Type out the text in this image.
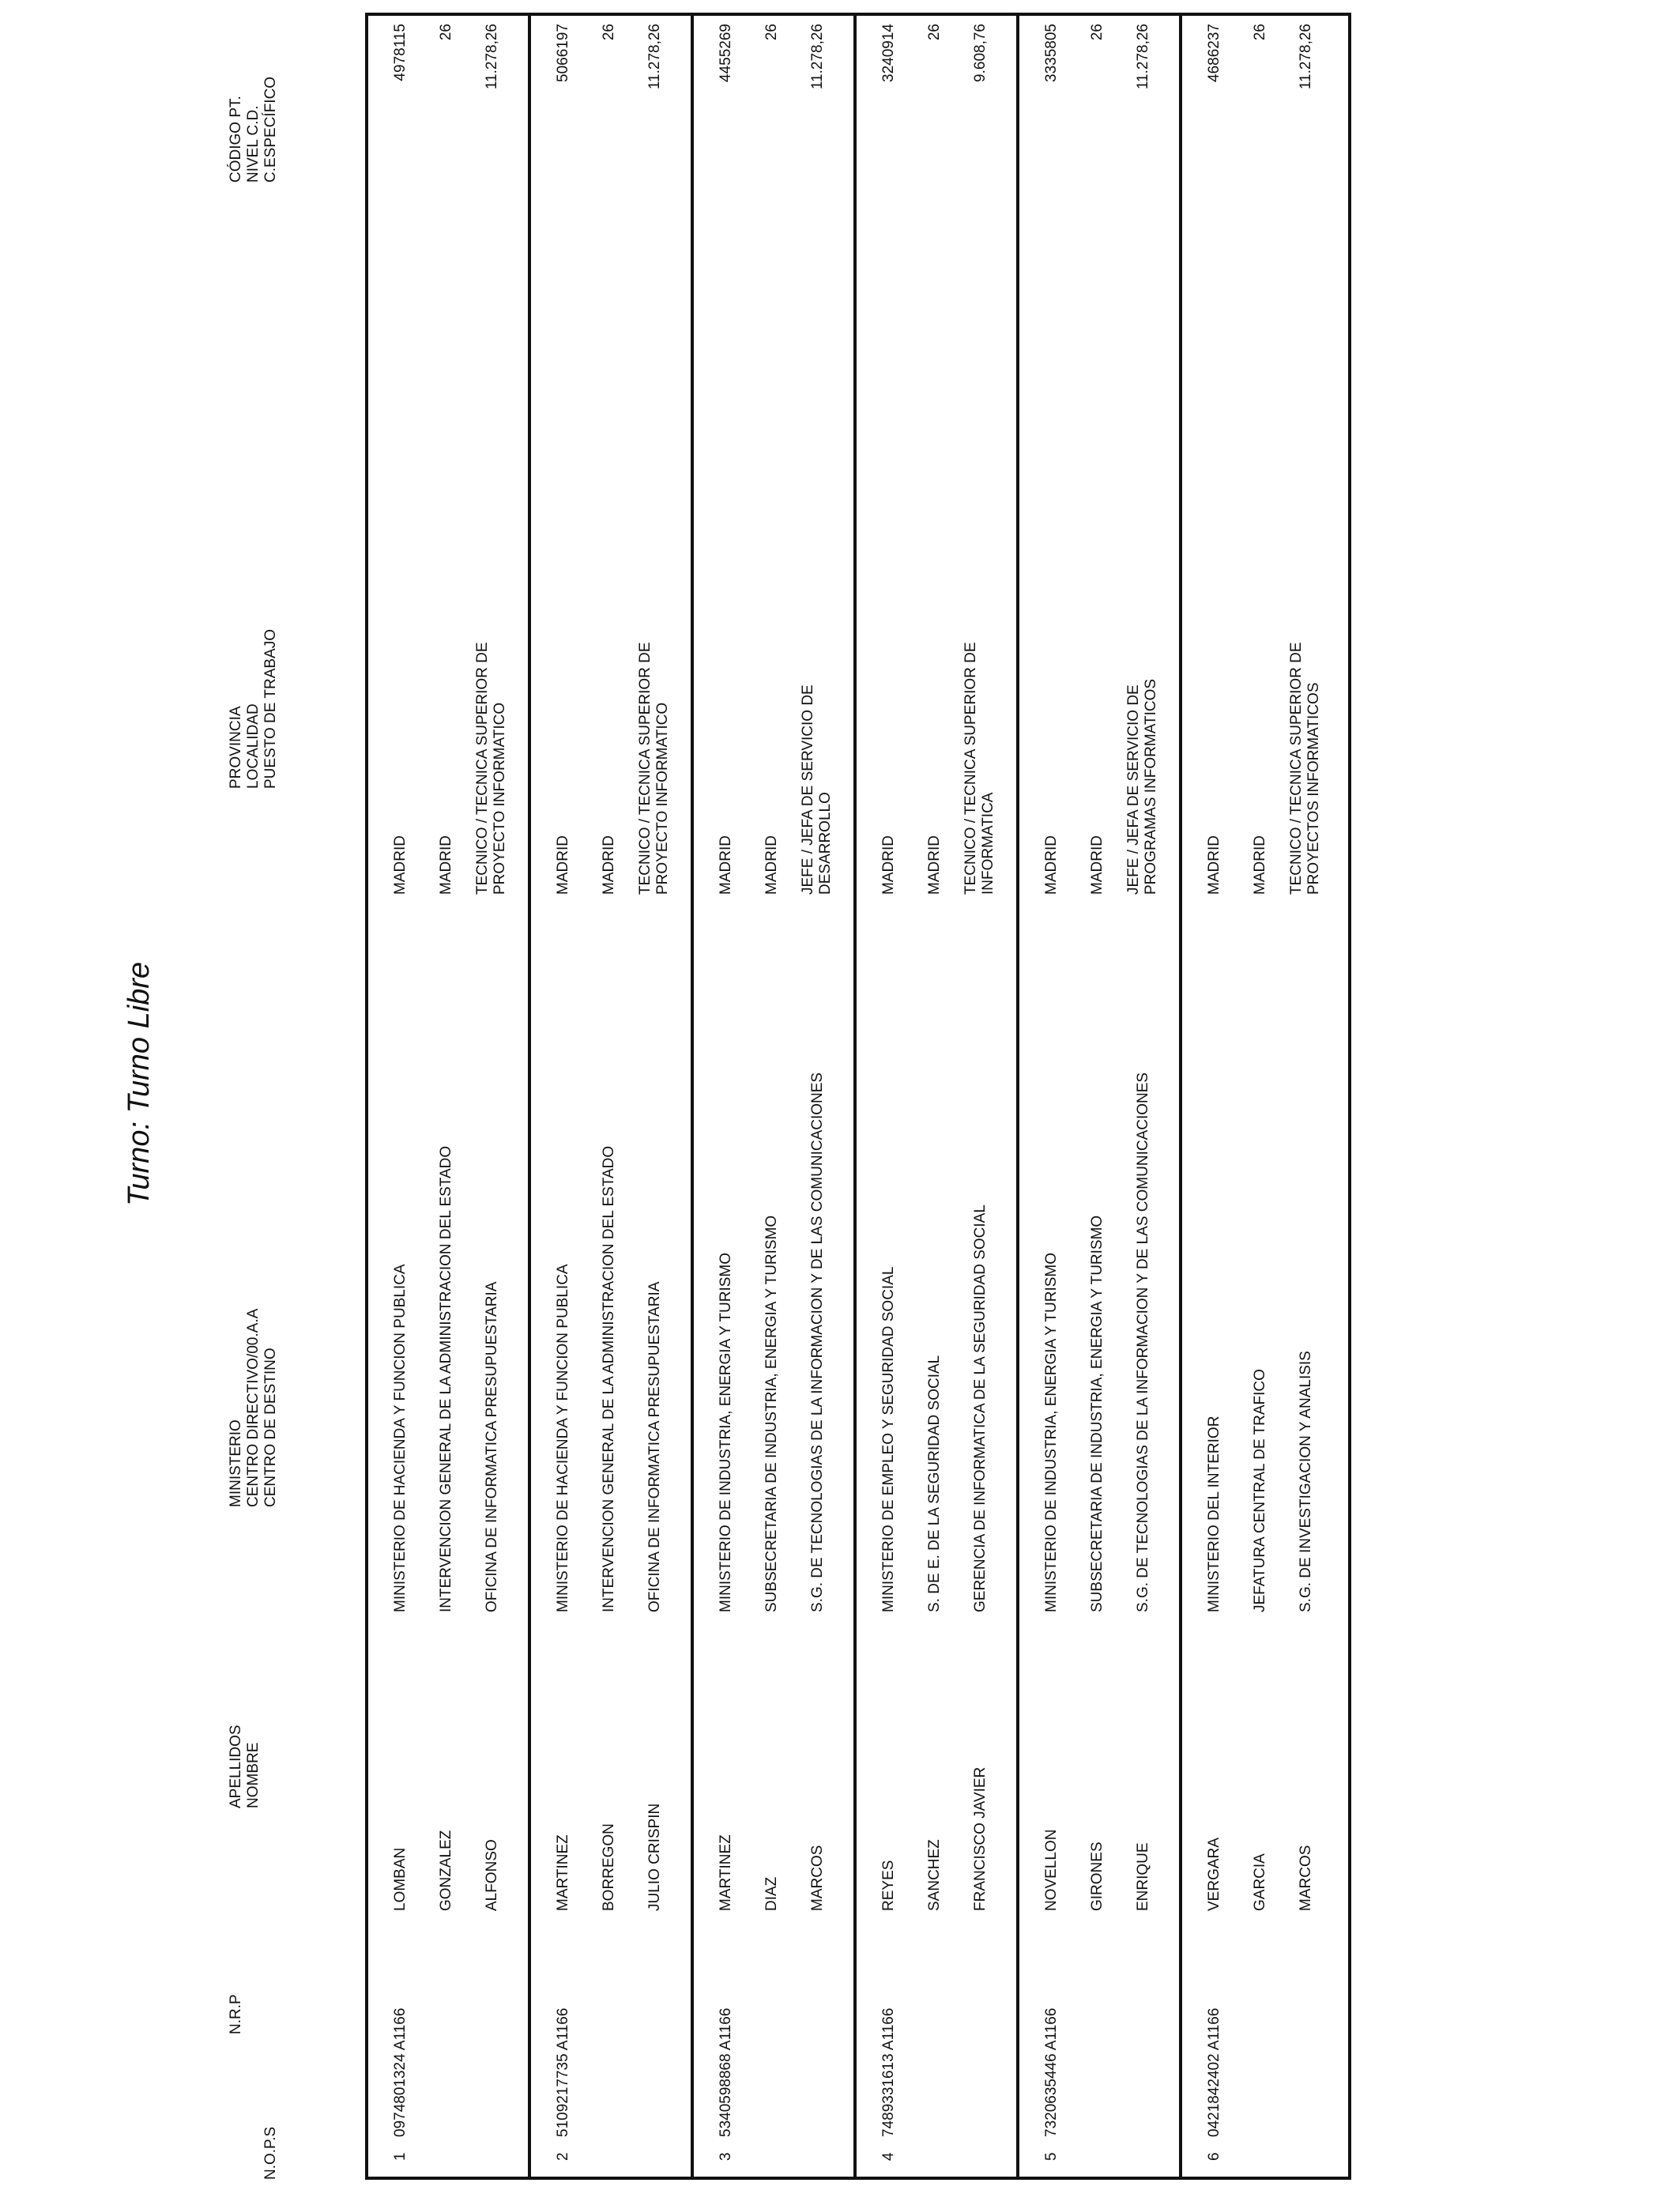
Turno: Turno Libre
N.O.P.S
N.R.P
APELLIDOS NOMBRE
MINISTERIO CENTRO DIRECTIVO/00.A.A CENTRO DE DESTINO
PROVINCIA LOCALIDAD PUESTO DE TRABAJO
CÓDIGO PT. NIVEL C.D. C.ESPECÍFICO
1
0974801324 A1166
LOMBAN GONZALEZ ALFONSO
MINISTERIO DE HACIENDA Y FUNCION PUBLICA INTERVENCION GENERAL DE LA ADMINISTRACION DEL ESTADO OFICINA DE INFORMATICA PRESUPUESTARIA
MADRID MADRID TECNICO / TECNICA SUPERIOR DE PROYECTO INFORMATICO
4978115 26 11.278,26
2
5109217735 A1166
MARTINEZ BORREGON JULIO CRISPIN
MINISTERIO DE HACIENDA Y FUNCION PUBLICA INTERVENCION GENERAL DE LA ADMINISTRACION DEL ESTADO OFICINA DE INFORMATICA PRESUPUESTARIA
MADRID MADRID TECNICO / TECNICA SUPERIOR DE PROYECTO INFORMATICO
5066197 26 11.278,26
3
5340598868 A1166
MARTINEZ DIAZ MARCOS
MINISTERIO DE INDUSTRIA, ENERGIA Y TURISMO SUBSECRETARIA DE INDUSTRIA, ENERGIA Y TURISMO S.G. DE TECNOLOGIAS DE LA INFORMACION Y DE LAS COMUNICACIONES
MADRID MADRID JEFE / JEFA DE SERVICIO DE DESARROLLO
4455269 26 11.278,26
4
7489331613 A1166
REYES SANCHEZ FRANCISCO JAVIER
MINISTERIO DE EMPLEO Y SEGURIDAD SOCIAL S. DE E. DE LA SEGURIDAD SOCIAL GERENCIA DE INFORMATICA DE LA SEGURIDAD SOCIAL
MADRID MADRID TECNICO / TECNICA SUPERIOR DE INFORMATICA
3240914 26 9.608,76
5
7320635446 A1166
NOVELLON GIRONES ENRIQUE
MINISTERIO DE INDUSTRIA, ENERGIA Y TURISMO SUBSECRETARIA DE INDUSTRIA, ENERGIA Y TURISMO S.G. DE TECNOLOGIAS DE LA INFORMACION Y DE LAS COMUNICACIONES
MADRID MADRID JEFE / JEFA DE SERVICIO DE PROGRAMAS INFORMATICOS
3335805 26 11.278,26
6
0421842402 A1166
VERGARA GARCIA MARCOS
MINISTERIO DEL INTERIOR JEFATURA CENTRAL DE TRAFICO S.G. DE INVESTIGACION Y ANALISIS
MADRID MADRID TECNICO / TECNICA SUPERIOR DE PROYECTOS INFORMATICOS
4686237 26 11.278,26
